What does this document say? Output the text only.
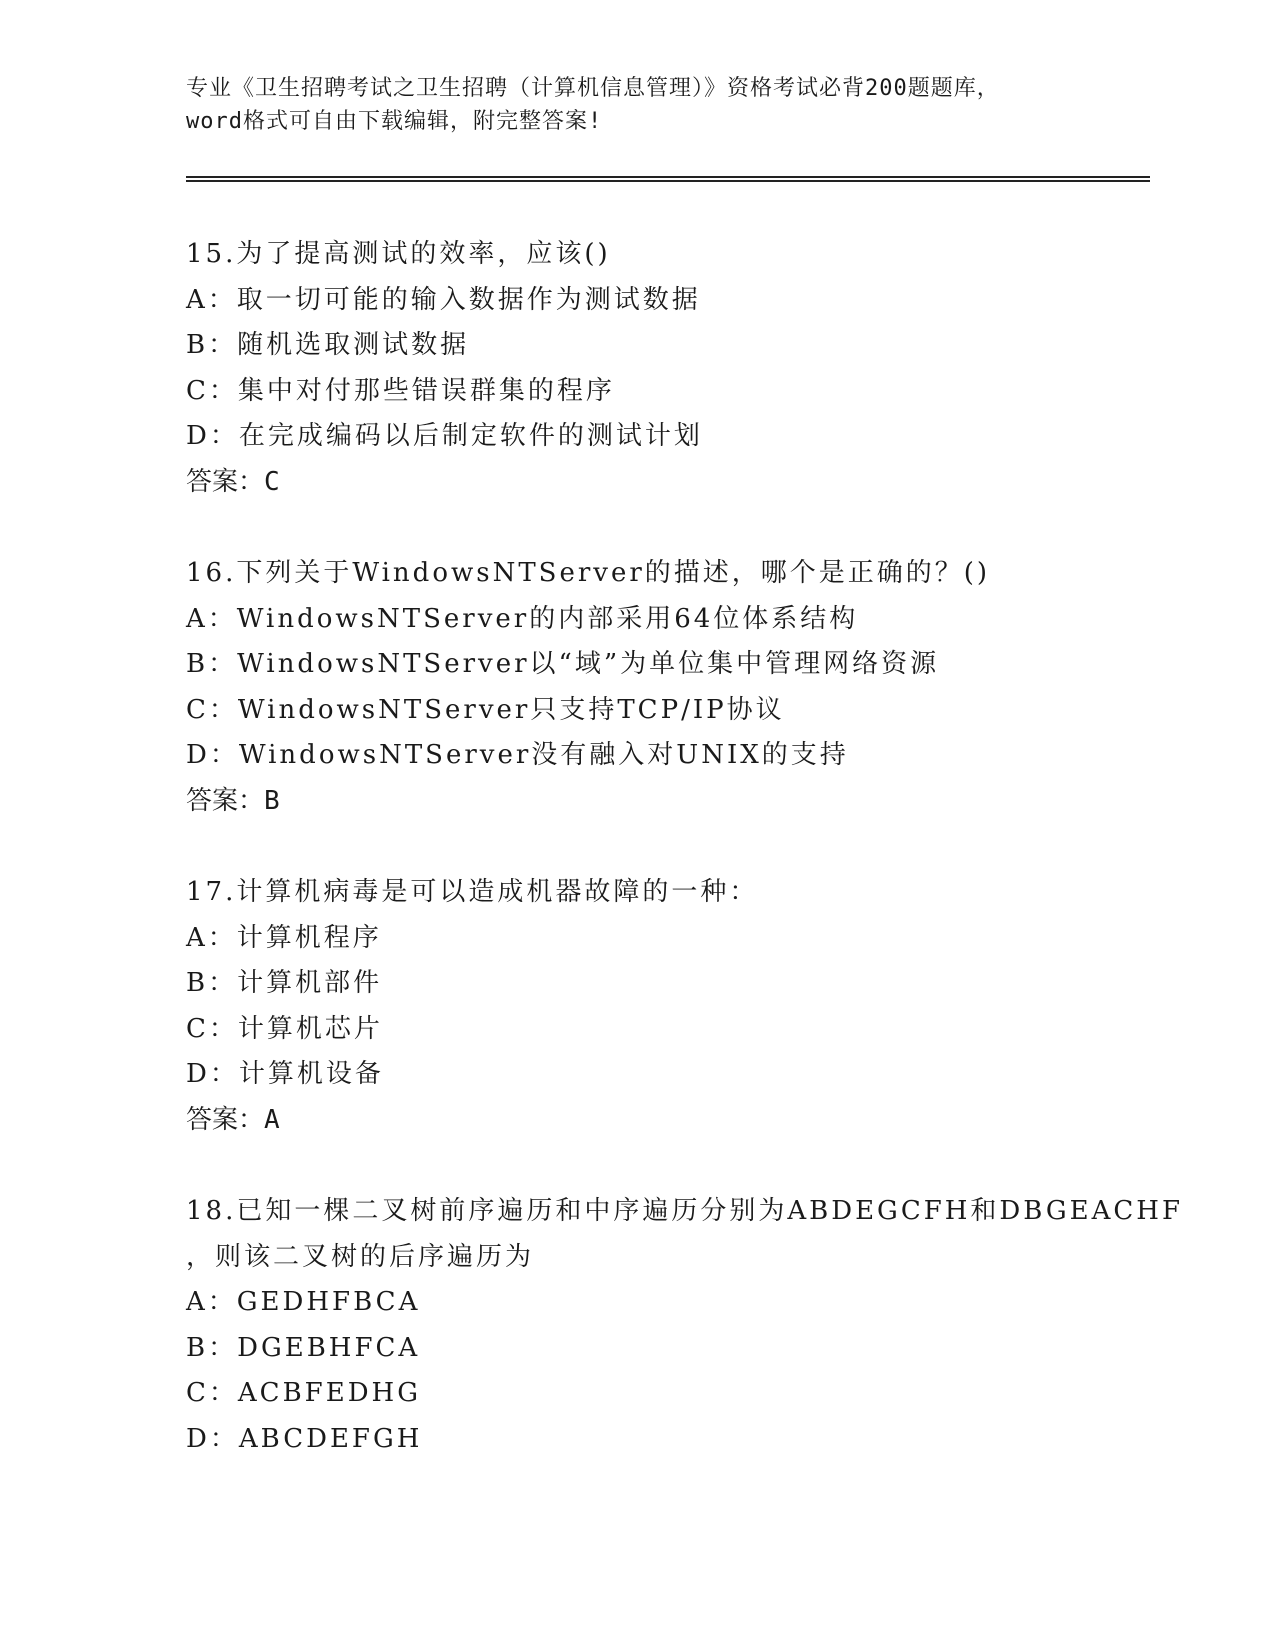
专业《卫生招聘考试之卫生招聘（计算机信息管理）》资格考试必背200题题库，

word格式可自由下载编辑，附完整答案!

15.为了提高测试的效率，应该()
A：取一切可能的输入数据作为测试数据
B：随机选取测试数据
C：集中对付那些错误群集的程序
D：在完成编码以后制定软件的测试计划
答案：C
16.下列关于WindowsNTServer的描述，哪个是正确的？()
A：WindowsNTServer的内部采用64位体系结构
B：WindowsNTServer以“域”为单位集中管理网络资源
C：WindowsNTServer只支持TCP/IP协议
D：WindowsNTServer没有融入对UNIX的支持
答案：B
17.计算机病毒是可以造成机器故障的一种：
A：计算机程序
B：计算机部件
C：计算机芯片
D：计算机设备
答案：A
18.已知一棵二叉树前序遍历和中序遍历分别为ABDEGCFH和DBGEACHF
，则该二叉树的后序遍历为
A：GEDHFBCA
B：DGEBHFCA
C：ACBFEDHG
D：ABCDEFGH
